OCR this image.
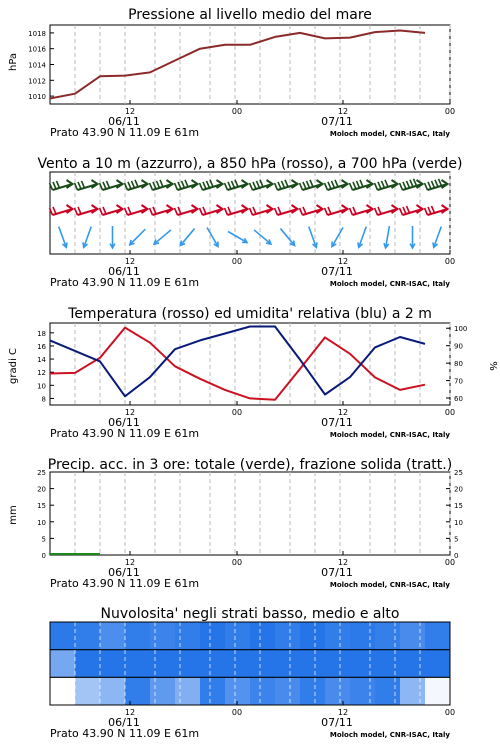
Pressione al livello medio del mare
Vento a 10 m (azzurro), a 850 hPa (rosso), a 700 hPa (verde)
Temperatura (rosso) ed umidita' relativa (blu) a 2 m
Precip. acc. in 3 ore: totale (verde), frazione solida (tratt.)
Nuvolosita' negli strati basso, medio e alto
hPa
gradi C	%
mm
1010
1012
1014
1016
1018
12	00	12	00
06/11	07/11
Prato 43.90 N 11.09 E 61m	Moloch model, CNR-ISAC, Italy
12	00	12	00
06/11	07/11
Prato 43.90 N 11.09 E 61m	Moloch model, CNR-ISAC, Italy
8
10
12
14
16
18
60
70
80
90
100
12	00	12	00
06/11	07/11
Prato 43.90 N 11.09 E 61m	Moloch model, CNR-ISAC, Italy
0
5
10
15
20
25
0
5
10
15
20
25
12	00	12	00
06/11	07/11
Prato 43.90 N 11.09 E 61m	Moloch model, CNR-ISAC, Italy
12	00	12	00
06/11	07/11
Prato 43.90 N 11.09 E 61m	Moloch model, CNR-ISAC, Italy
